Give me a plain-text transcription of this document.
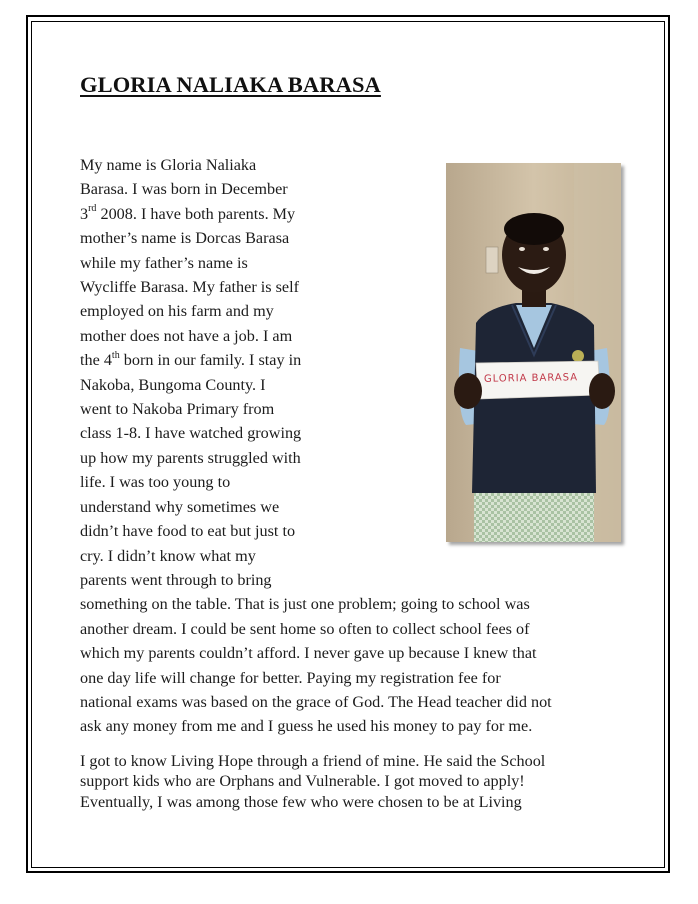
GLORIA NALIAKA BARASA
GLORIA BARASA
My name is Gloria Naliaka
Barasa. I was born in December
3rd 2008. I have both parents. My
mother’s name is Dorcas Barasa
while my father’s name is
Wycliffe Barasa. My father is self
employed on his farm and my
mother does not have a job. I am
the 4th born in our family. I stay in
Nakoba, Bungoma County. I
went to Nakoba Primary from
class 1-8. I have watched growing
up how my parents struggled with
life. I was too young to
understand why sometimes we
didn’t have food to eat but just to
cry. I didn’t know what my
parents went through to bring
something on the table. That is just one problem; going to school was
another dream. I could be sent home so often to collect school fees of
which my parents couldn’t afford. I never gave up because I knew that
one day life will change for better. Paying my registration fee for
national exams was based on the grace of God. The Head teacher did not
ask any money from me and I guess he used his money to pay for me.
I got to know Living Hope through a friend of mine. He said the School
support kids who are Orphans and Vulnerable. I got moved to apply!
Eventually, I was among those few who were chosen to be at Living
